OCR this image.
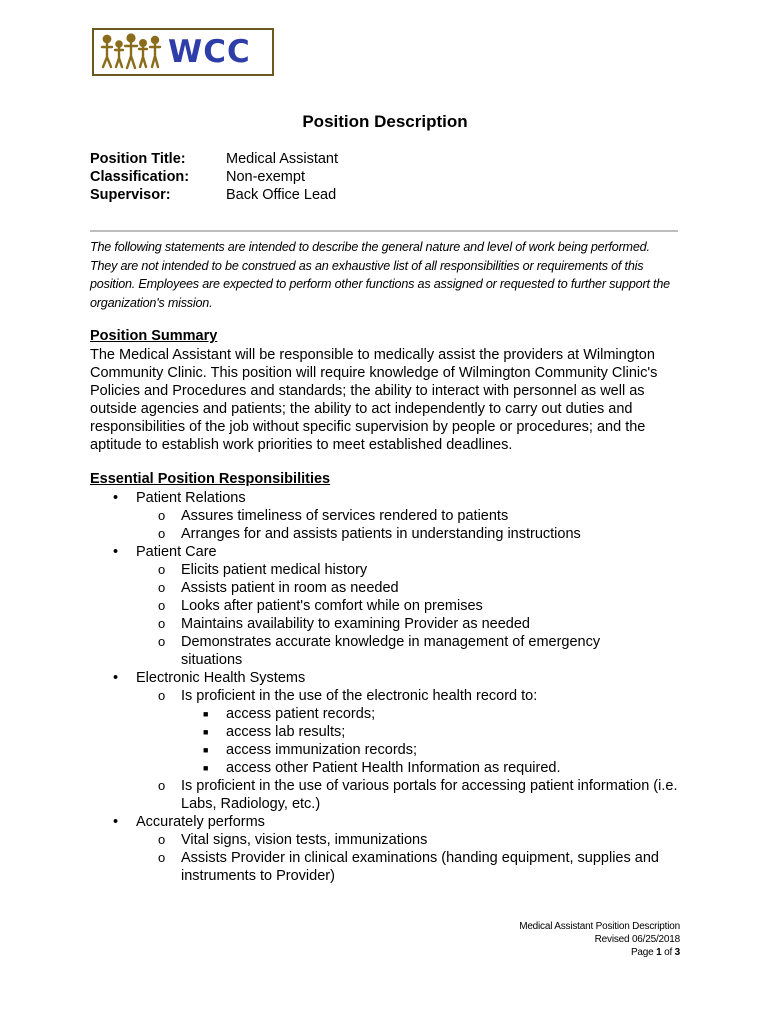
WCC
Position Description
Position Title:	Medical Assistant
Classification:	Non-exempt
Supervisor:	Back Office Lead
The following statements are intended to describe the general nature and level of work being performed. They are not intended to be construed as an exhaustive list of all responsibilities or requirements of this position. Employees are expected to perform other functions as assigned or requested to further support the organization's mission.
Position Summary
The Medical Assistant will be responsible to medically assist the providers at Wilmington Community Clinic. This position will require knowledge of Wilmington Community Clinic's Policies and Procedures and standards; the ability to interact with personnel as well as outside agencies and patients; the ability to act independently to carry out duties and responsibilities of the job without specific supervision by people or procedures; and the aptitude to establish work priorities to meet established deadlines.
Essential Position Responsibilities
• Patient Relations
o Assures timeliness of services rendered to patients
o Arranges for and assists patients in understanding instructions
• Patient Care
o Elicits patient medical history
o Assists patient in room as needed
o Looks after patient's comfort while on premises
o Maintains availability to examining Provider as needed
o Demonstrates accurate knowledge in management of emergency situations
• Electronic Health Systems
o Is proficient in the use of the electronic health record to:
■ access patient records;
■ access lab results;
■ access immunization records;
■ access other Patient Health Information as required.
o Is proficient in the use of various portals for accessing patient information (i.e. Labs, Radiology, etc.)
• Accurately performs
o Vital signs, vision tests, immunizations
o Assists Provider in clinical examinations (handing equipment, supplies and instruments to Provider)
Medical Assistant Position Description
Revised 06/25/2018
Page 1 of 3
